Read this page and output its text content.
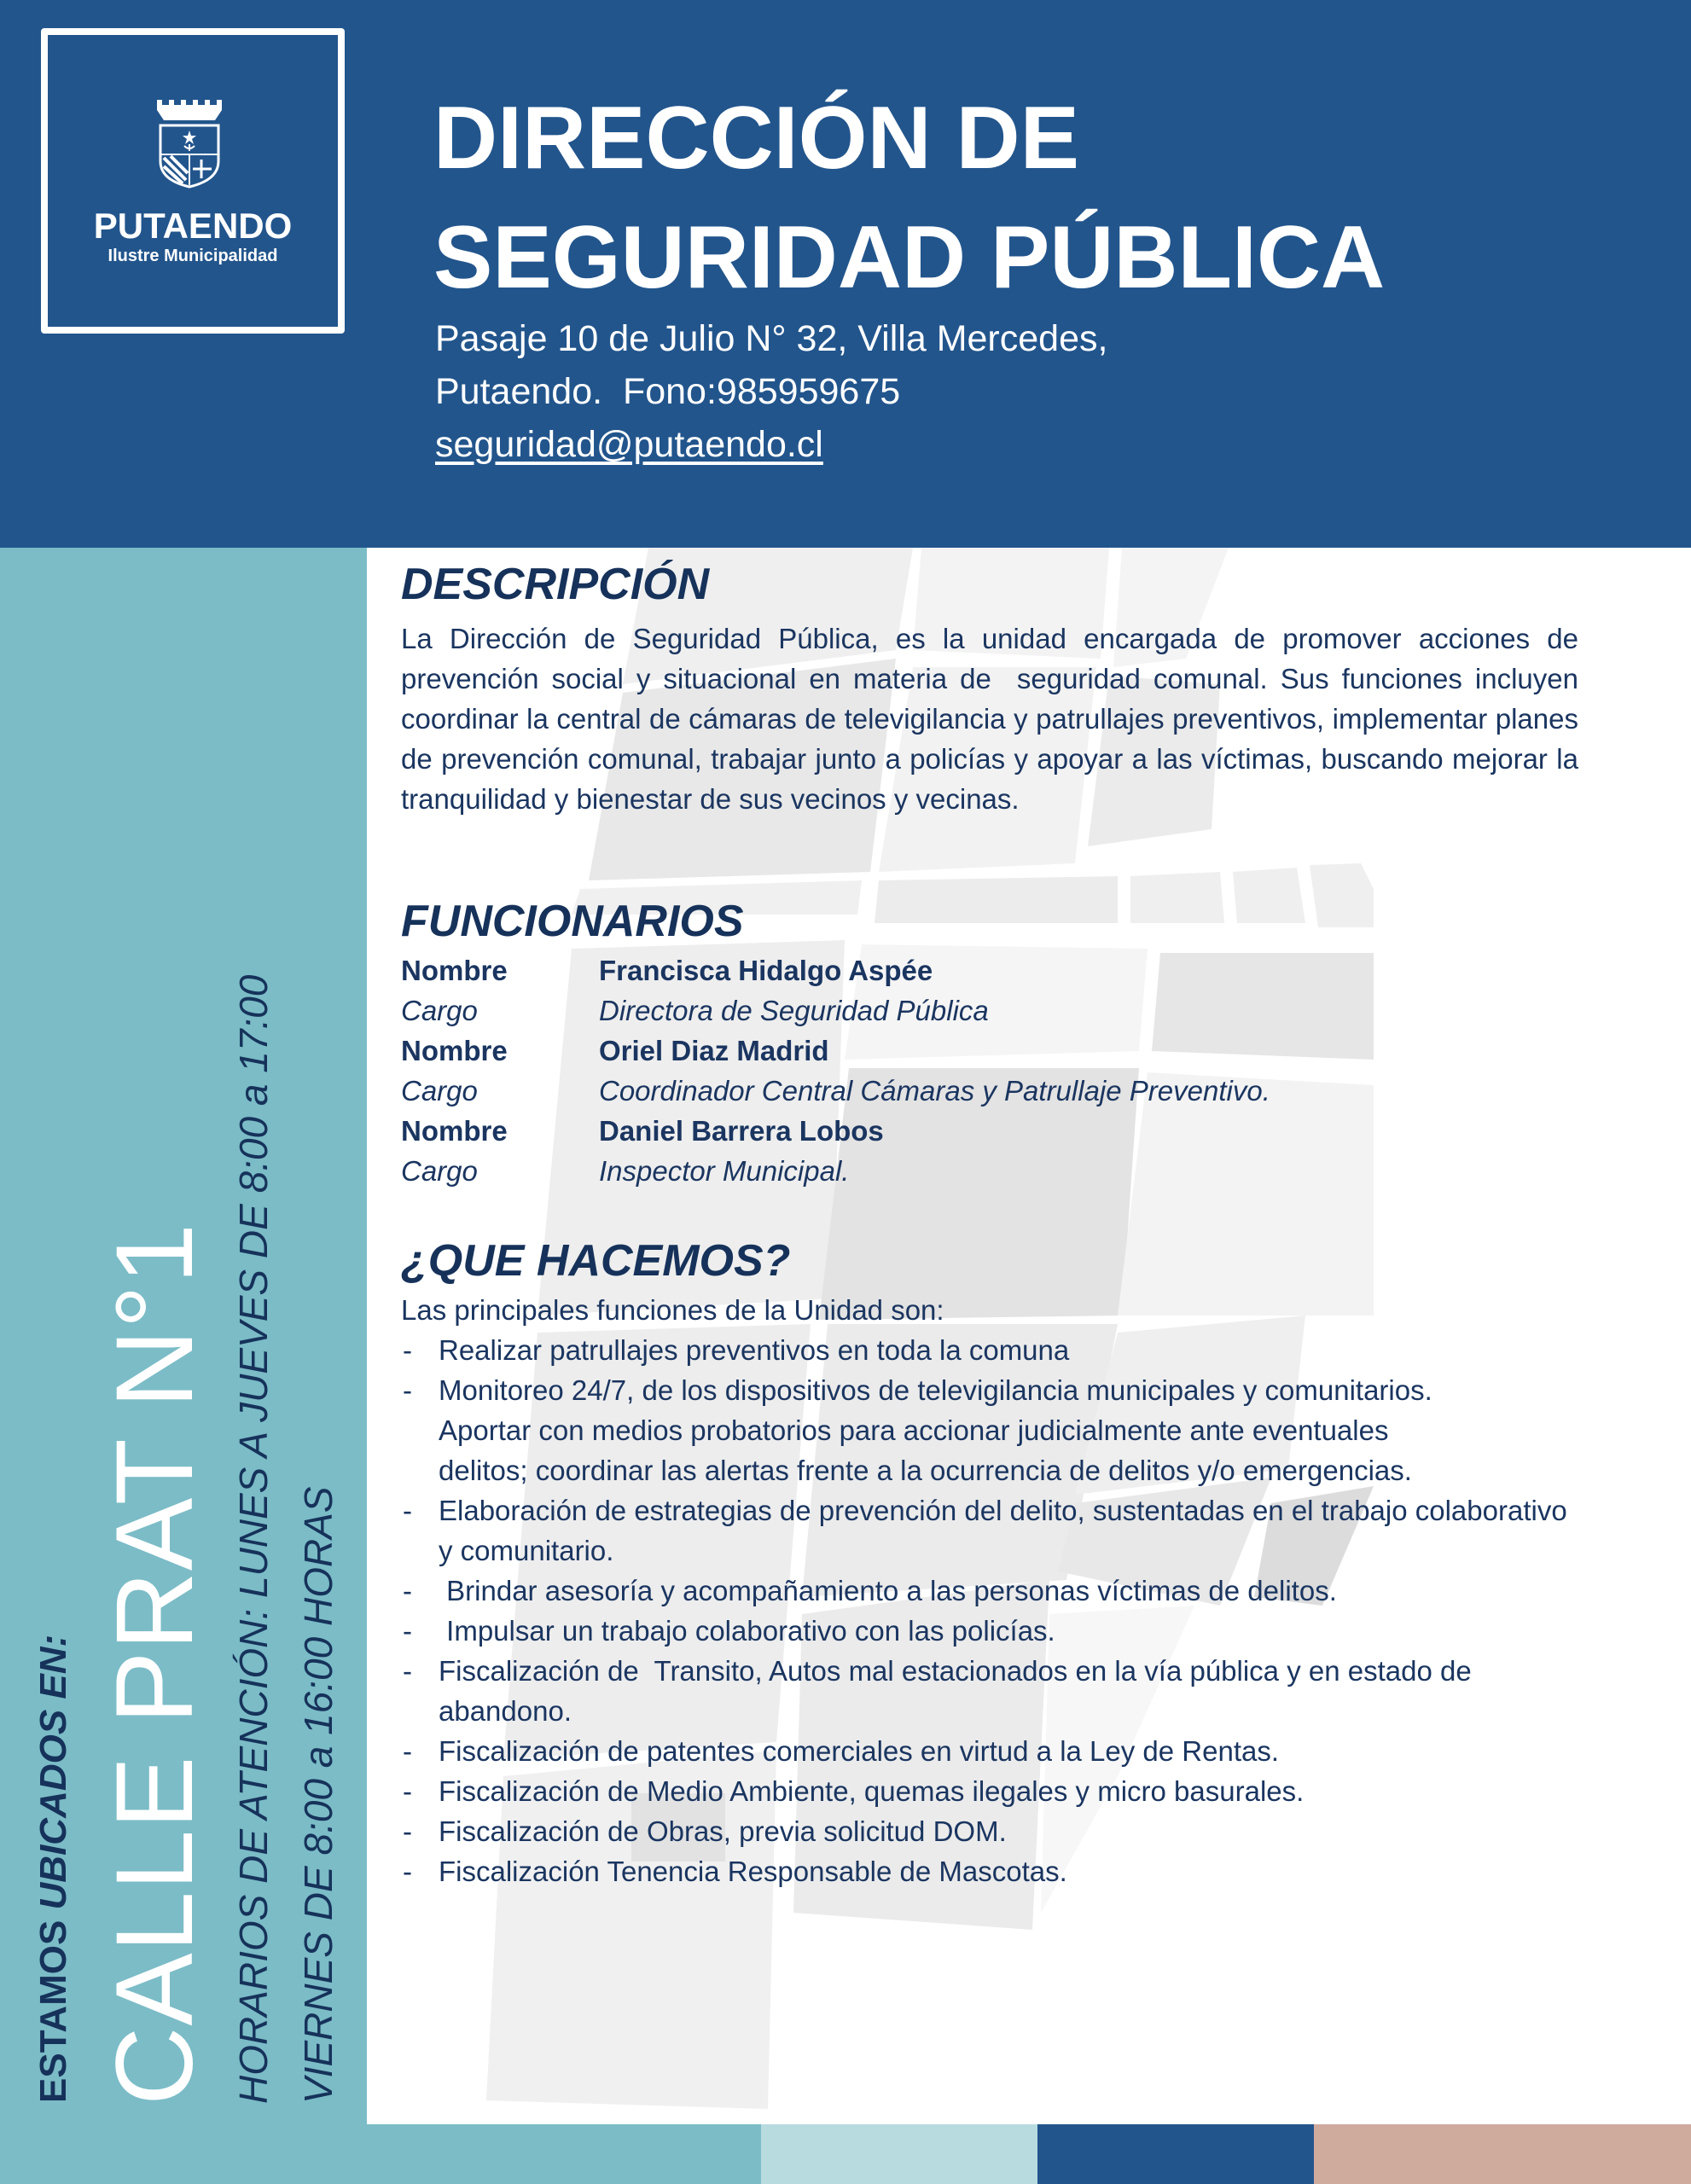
PUTAENDO
Ilustre Municipalidad
DIRECCIÓN DE
SEGURIDAD PÚBLICA
Pasaje 10 de Julio N° 32, Villa Mercedes,
Putaendo.  Fono:985959675
seguridad@putaendo.cl
ESTAMOS UBICADOS EN: CALLE PRAT N°1 HORARIOS DE ATENCIÓN: LUNES A JUEVES DE 8:00 a 17:00 VIERNES DE 8:00 a 16:00 HORAS
DESCRIPCIÓN

La Dirección de Seguridad Pública, es la unidad encargada de promover acciones de  prevención social y situacional en materia de  seguridad comunal. Sus funciones incluyen coordinar la central de cámaras de televigilancia y patrullajes preventivos, implementar planes de prevención comunal, trabajar junto a policías y apoyar a las víctimas, buscando mejorar la tranquilidad y bienestar de sus vecinos y vecinas.

FUNCIONARIOS
Nombre	Francisca Hidalgo Aspée
Cargo	Directora de Seguridad Pública
Nombre	Oriel Diaz Madrid
Cargo	Coordinador Central Cámaras y Patrullaje Preventivo.
Nombre	Daniel Barrera Lobos
Cargo	Inspector Municipal.
¿QUE HACEMOS?
Las principales funciones de la Unidad son:
- Realizar patrullajes preventivos en toda la comuna
- Monitoreo 24/7, de los dispositivos de televigilancia municipales y comunitarios. Aportar con medios probatorios para accionar judicialmente ante eventuales delitos; coordinar las alertas frente a la ocurrencia de delitos y/o emergencias.
- Elaboración de estrategias de prevención del delito, sustentadas en el trabajo colaborativo y comunitario.
-  Brindar asesoría y acompañamiento a las personas víctimas de delitos.
-  Impulsar un trabajo colaborativo con las policías.
- Fiscalización de  Transito, Autos mal estacionados en la vía pública y en estado de abandono.
- Fiscalización de patentes comerciales en virtud a la Ley de Rentas.
- Fiscalización de Medio Ambiente, quemas ilegales y micro basurales.
- Fiscalización de Obras, previa solicitud DOM.
- Fiscalización Tenencia Responsable de Mascotas.
